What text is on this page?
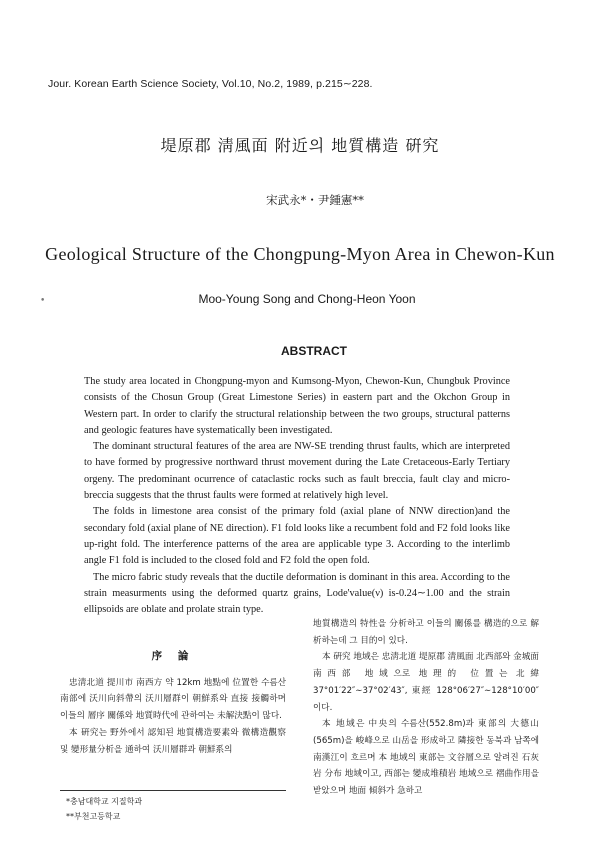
Jour. Korean Earth Science Society, Vol.10, No.2, 1989, p.215∼228.
堤原郡 淸風面 附近의 地質構造 硏究
宋武永*・尹鍾憲**
Geological Structure of the Chongpung-Myon Area in Chewon-Kun
•	Moo-Young Song and Chong-Heon Yoon
ABSTRACT

The study area located in Chongpung-myon and Kumsong-Myon, Chewon-Kun, Chungbuk Province consists of the Chosun Group (Great Limestone Series) in eastern part and the Okchon Group in Western part. In order to clarify the structural relationship between the two groups, structural patterns and geologic features have systematically been investigated.

The dominant structural features of the area are NW-SE trending thrust faults, which are interpreted to have formed by progressive northward thrust movement during the Late Cretaceous-Early Tertiary orgeny. The predominant ocurrence of cataclastic rocks such as fault breccia, fault clay and micro-breccia suggests that the thrust faults were formed at relatively high level.

The folds in limestone area consist of the primary fold (axial plane of NNW direction)and the secondary fold (axial plane of NE direction). F1 fold looks like a recumbent fold and F2 fold looks like up-right fold. The interference patterns of the area are applicable type 3. According to the interlimb angle F1 fold is included to the closed fold and F2 fold the open fold.

The micro fabric study reveals that the ductile deformation is dominant in this area. According to the strain measurments using the deformed quartz grains, Lode'value(ν) is-0.24∼1.00 and the strain ellipsoids are oblate and prolate strain type.

序 論

忠淸北道 提川市 南西方 약 12km 地點에 位置한 수름산 南部에 沃川向斜帶의 沃川層群이 朝鮮系와 直接 接觸하며 이들의 層序 關係와 地質時代에 관하여는 未解決點이 많다.

本 硏究는 野外에서 認知된 地質構造要素와 微構造觀察 및 變形量分析을 通하여 沃川層群과 朝鮮系의

地質構造의 特性을 分析하고 이들의 關係를 構造的으로 解析하는데 그 目的이 있다.

本 硏究 地域은 忠淸北道 堤原郡 淸風面 北西部와 金城面 南西部 地域으로 地理的 位置는 北緯 37°01′22″∼37°02′43″, 東經 128°06′27″∼128°10′00″이다.

本 地域은 中央의 수름산(552.8m)과 東部의 大德山(565m)을 峻峰으로 山岳을 形成하고 隣接한 동북과 남쪽에 南漢江이 흐르며 本 地域의 東部는 文谷層으로 알려진 石灰岩 分布 地域이고, 西部는 變成堆積岩 地域으로 褶曲作用을 받았으며 地面 傾斜가 急하고

*충남대학교 지질학과
**부천고등학교
